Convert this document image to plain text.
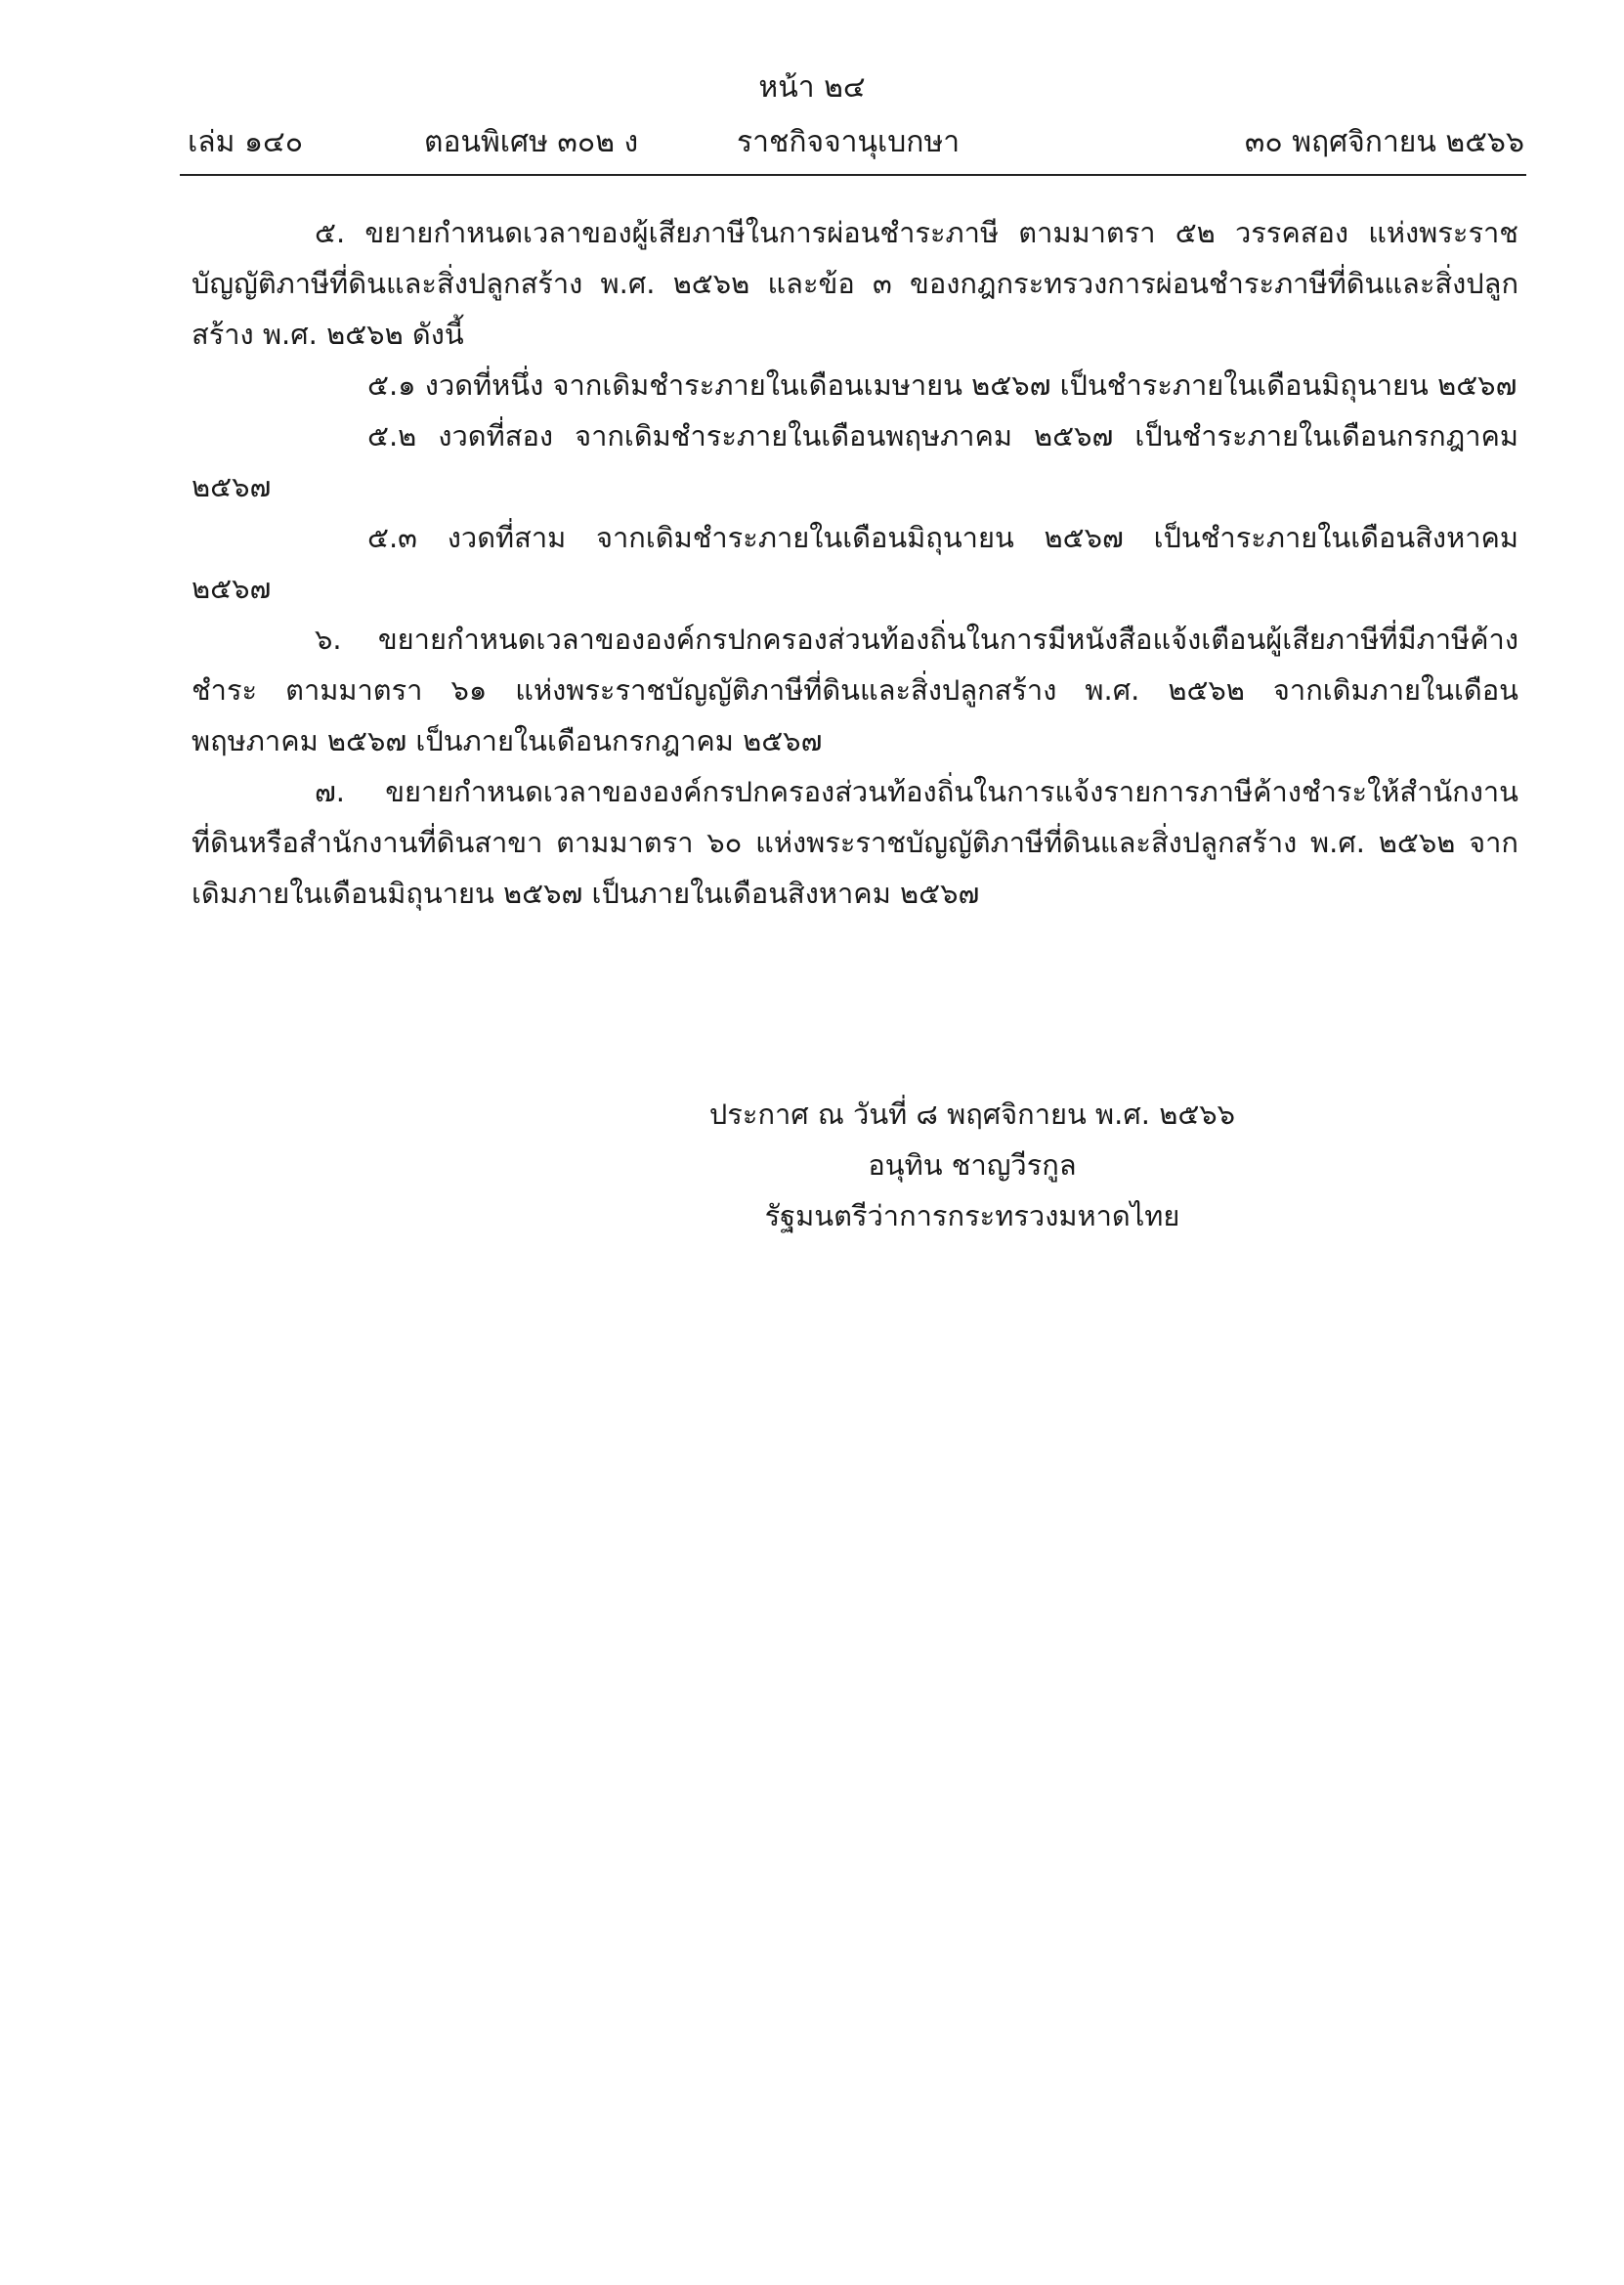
หน้า ๒๔
เล่ม ๑๔๐	ตอนพิเศษ ๓๐๒ ง	ราชกิจจานุเบกษา	๓๐ พฤศจิกายน ๒๕๖๖

๕. ขยายกำหนดเวลาของผู้เสียภาษีในการผ่อนชำระภาษี ตามมาตรา ๕๒ วรรคสอง แห่งพระราชบัญญัติภาษีที่ดินและสิ่งปลูกสร้าง พ.ศ. ๒๕๖๒ และข้อ ๓ ของกฎกระทรวงการผ่อนชำระภาษีที่ดินและสิ่งปลูกสร้าง พ.ศ. ๒๕๖๒ ดังนี้

๕.๑ งวดที่หนึ่ง จากเดิมชำระภายในเดือนเมษายน ๒๕๖๗ เป็นชำระภายในเดือนมิถุนายน ๒๕๖๗

๕.๒ งวดที่สอง จากเดิมชำระภายในเดือนพฤษภาคม ๒๕๖๗ เป็นชำระภายในเดือนกรกฎาคม ๒๕๖๗

๕.๓ งวดที่สาม จากเดิมชำระภายในเดือนมิถุนายน ๒๕๖๗ เป็นชำระภายในเดือนสิงหาคม ๒๕๖๗

๖. ขยายกำหนดเวลาขององค์กรปกครองส่วนท้องถิ่นในการมีหนังสือแจ้งเตือนผู้เสียภาษีที่มีภาษีค้างชำระ ตามมาตรา ๖๑ แห่งพระราชบัญญัติภาษีที่ดินและสิ่งปลูกสร้าง พ.ศ. ๒๕๖๒ จากเดิมภายในเดือนพฤษภาคม ๒๕๖๗ เป็นภายในเดือนกรกฎาคม ๒๕๖๗

๗. ขยายกำหนดเวลาขององค์กรปกครองส่วนท้องถิ่นในการแจ้งรายการภาษีค้างชำระให้สำนักงานที่ดินหรือสำนักงานที่ดินสาขา ตามมาตรา ๖๐ แห่งพระราชบัญญัติภาษีที่ดินและสิ่งปลูกสร้าง พ.ศ. ๒๕๖๒ จากเดิมภายในเดือนมิถุนายน ๒๕๖๗ เป็นภายในเดือนสิงหาคม ๒๕๖๗

ประกาศ ณ วันที่ ๘ พฤศจิกายน พ.ศ. ๒๕๖๖
อนุทิน ชาญวีรกูล
รัฐมนตรีว่าการกระทรวงมหาดไทย
